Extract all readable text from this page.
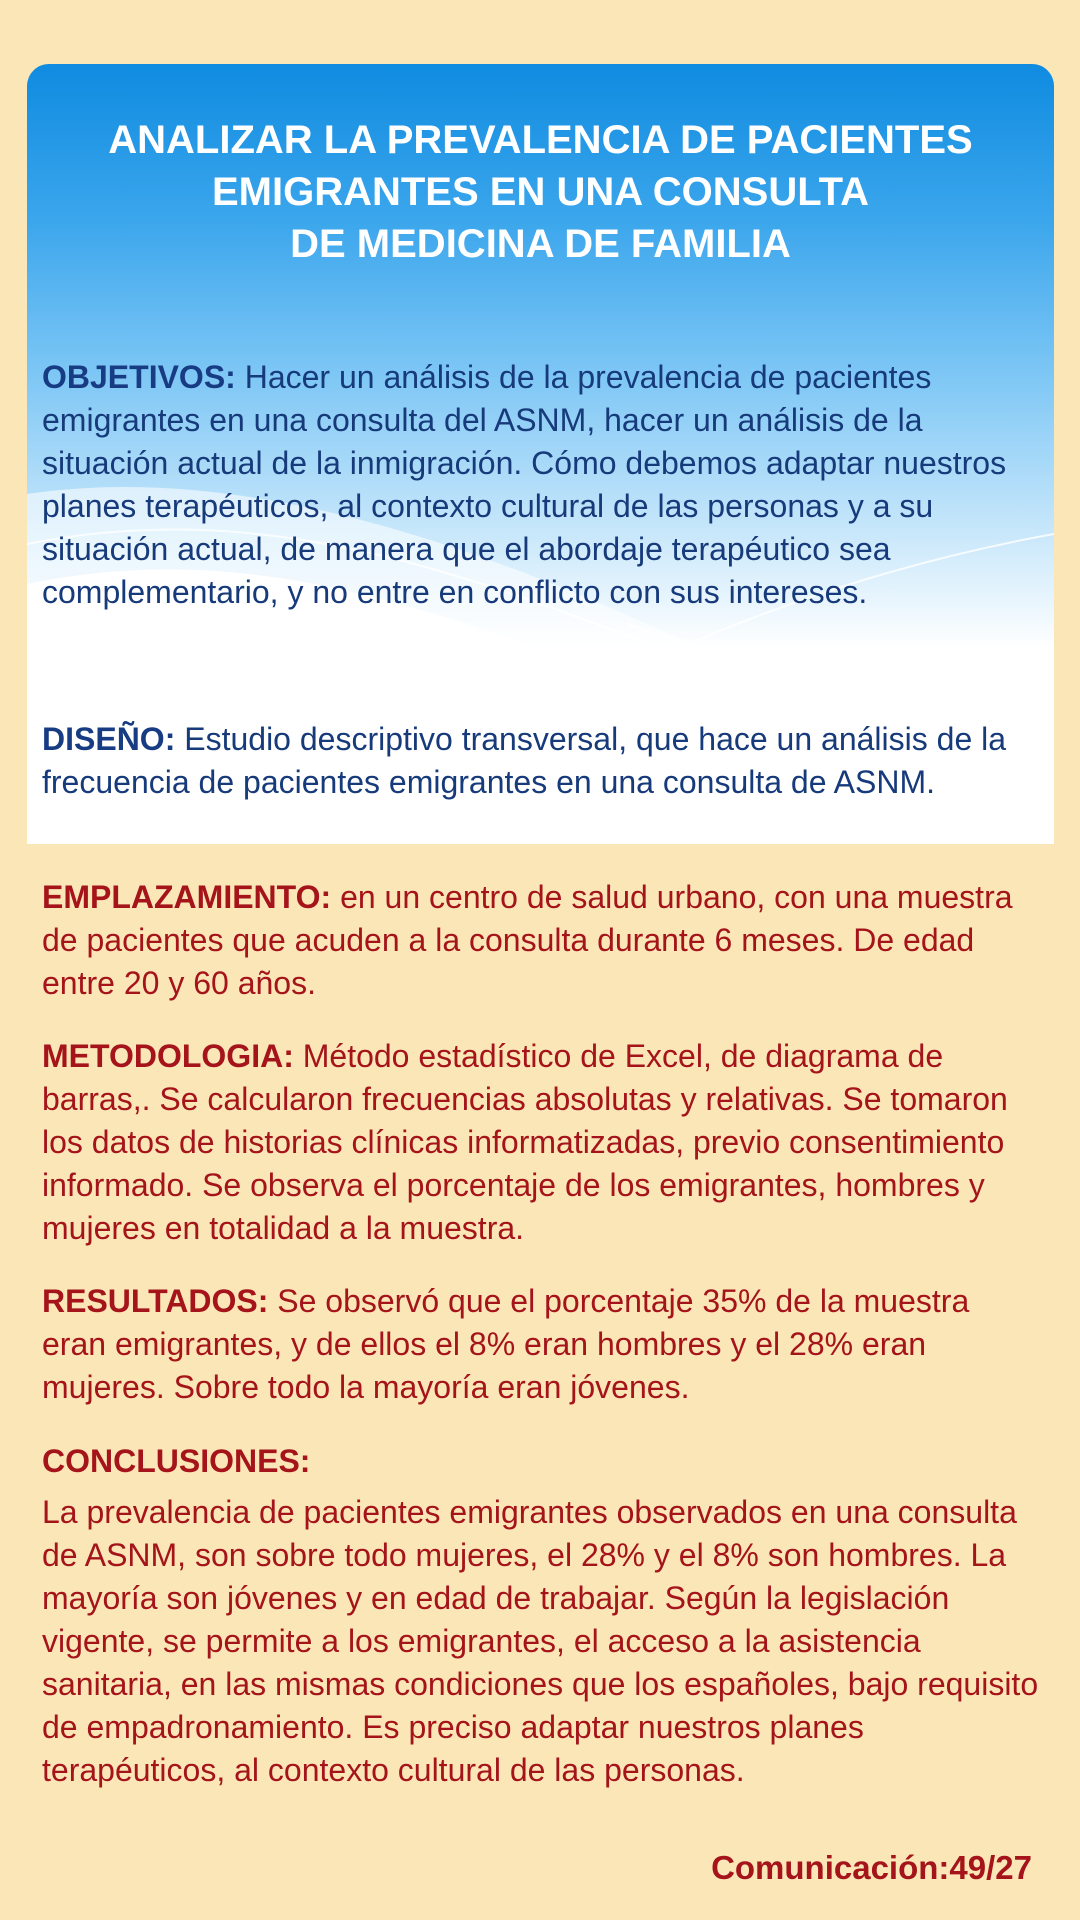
ANALIZAR LA PREVALENCIA DE PACIENTES
EMIGRANTES EN UNA CONSULTA
DE MEDICINA DE FAMILIA

OBJETIVOS: Hacer un análisis de la prevalencia de pacientes emigrantes en una consulta del ASNM, hacer un análisis de la situación actual de la inmigración. Cómo debemos adaptar nuestros planes terapéuticos, al contexto cultural de las personas y a su situación actual, de manera que el abordaje terapéutico sea complementario, y no entre en conflicto con sus intereses.

DISEÑO: Estudio descriptivo transversal, que hace un análisis de la frecuencia de pacientes emigrantes en una consulta de ASNM.

EMPLAZAMIENTO: en un centro de salud urbano, con una muestra de pacientes que acuden a la consulta durante 6 meses. De edad entre 20 y 60 años.

METODOLOGIA: Método estadístico de Excel, de diagrama de barras,. Se calcularon frecuencias absolutas y relativas. Se tomaron los datos de historias clínicas informatizadas, previo consentimiento informado. Se observa el porcentaje de los emigrantes, hombres y mujeres en totalidad a la muestra.

RESULTADOS: Se observó que el porcentaje 35% de la muestra eran emigrantes, y de ellos el 8% eran hombres y el 28% eran mujeres. Sobre todo la mayoría eran jóvenes.

CONCLUSIONES:
La prevalencia de pacientes emigrantes observados en una consulta de ASNM, son sobre todo mujeres, el 28% y el 8% son hombres. La mayoría son jóvenes y en edad de trabajar. Según la legislación vigente, se permite a los emigrantes, el acceso a la asistencia sanitaria, en las mismas condiciones que los españoles, bajo requisito de empadronamiento. Es preciso adaptar nuestros planes terapéuticos, al contexto cultural de las personas.

Comunicación:49/27
